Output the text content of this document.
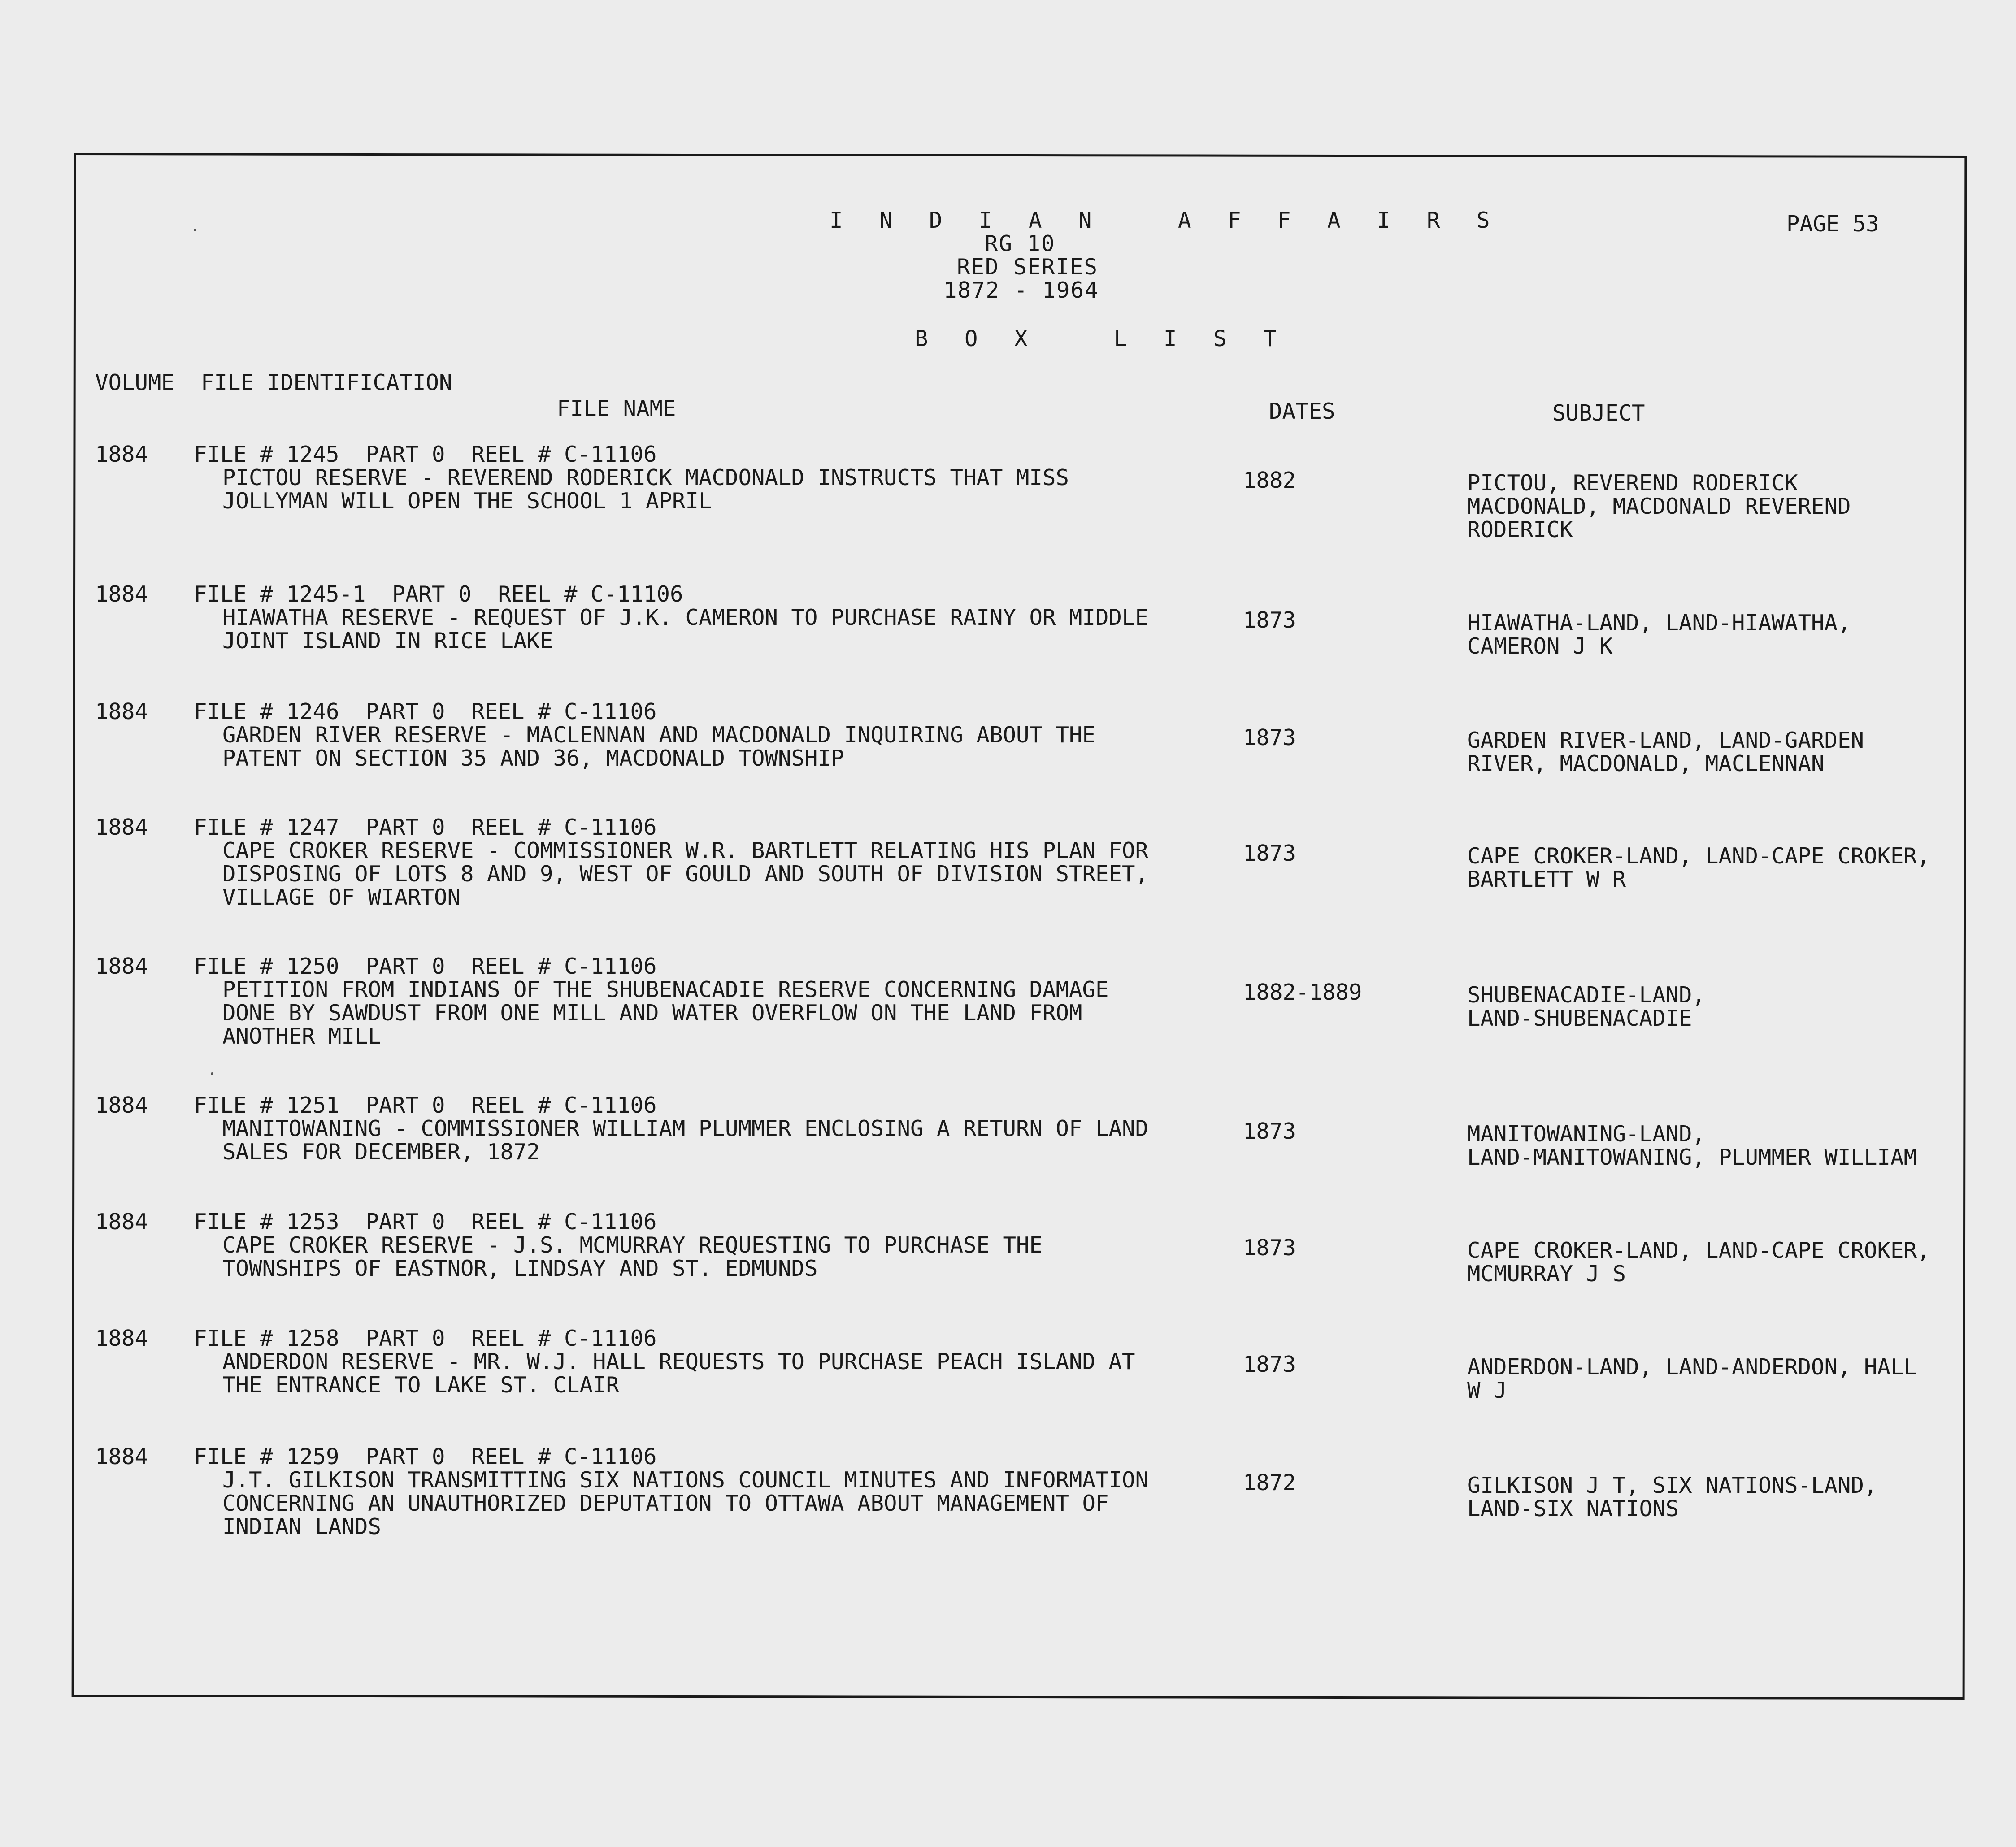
I N D I A N   A F F A I R S
RG 10
RED SERIES
1872 - 1964
B O X   L I S T
PAGE 53
VOLUME  FILE IDENTIFICATION
FILE NAME	DATES	SUBJECT
1884 FILE # 1245  PART 0  REEL # C-11106
PICTOU RESERVE - REVEREND RODERICK MACDONALD INSTRUCTS THAT MISS
JOLLYMAN WILL OPEN THE SCHOOL 1 APRIL
1882	PICTOU, REVEREND RODERICK
MACDONALD, MACDONALD REVEREND
RODERICK
1884 FILE # 1245-1  PART 0  REEL # C-11106
HIAWATHA RESERVE - REQUEST OF J.K. CAMERON TO PURCHASE RAINY OR MIDDLE
JOINT ISLAND IN RICE LAKE
1873	HIAWATHA-LAND, LAND-HIAWATHA,
CAMERON J K
1884 FILE # 1246  PART 0  REEL # C-11106
GARDEN RIVER RESERVE - MACLENNAN AND MACDONALD INQUIRING ABOUT THE
PATENT ON SECTION 35 AND 36, MACDONALD TOWNSHIP
1873	GARDEN RIVER-LAND, LAND-GARDEN
RIVER, MACDONALD, MACLENNAN
1884 FILE # 1247  PART 0  REEL # C-11106
CAPE CROKER RESERVE - COMMISSIONER W.R. BARTLETT RELATING HIS PLAN FOR
DISPOSING OF LOTS 8 AND 9, WEST OF GOULD AND SOUTH OF DIVISION STREET,
VILLAGE OF WIARTON
1873	CAPE CROKER-LAND, LAND-CAPE CROKER,
BARTLETT W R
1884 FILE # 1250  PART 0  REEL # C-11106
PETITION FROM INDIANS OF THE SHUBENACADIE RESERVE CONCERNING DAMAGE
DONE BY SAWDUST FROM ONE MILL AND WATER OVERFLOW ON THE LAND FROM
ANOTHER MILL
1882-1889	SHUBENACADIE-LAND,
LAND-SHUBENACADIE
1884 FILE # 1251  PART 0  REEL # C-11106
MANITOWANING - COMMISSIONER WILLIAM PLUMMER ENCLOSING A RETURN OF LAND
SALES FOR DECEMBER, 1872
1873	MANITOWANING-LAND,
LAND-MANITOWANING, PLUMMER WILLIAM
1884 FILE # 1253  PART 0  REEL # C-11106
CAPE CROKER RESERVE - J.S. MCMURRAY REQUESTING TO PURCHASE THE
TOWNSHIPS OF EASTNOR, LINDSAY AND ST. EDMUNDS
1873	CAPE CROKER-LAND, LAND-CAPE CROKER,
MCMURRAY J S
1884 FILE # 1258  PART 0  REEL # C-11106
ANDERDON RESERVE - MR. W.J. HALL REQUESTS TO PURCHASE PEACH ISLAND AT
THE ENTRANCE TO LAKE ST. CLAIR
1873	ANDERDON-LAND, LAND-ANDERDON, HALL
W J
1884 FILE # 1259  PART 0  REEL # C-11106
J.T. GILKISON TRANSMITTING SIX NATIONS COUNCIL MINUTES AND INFORMATION
CONCERNING AN UNAUTHORIZED DEPUTATION TO OTTAWA ABOUT MANAGEMENT OF
INDIAN LANDS
1872	GILKISON J T, SIX NATIONS-LAND,
LAND-SIX NATIONS
